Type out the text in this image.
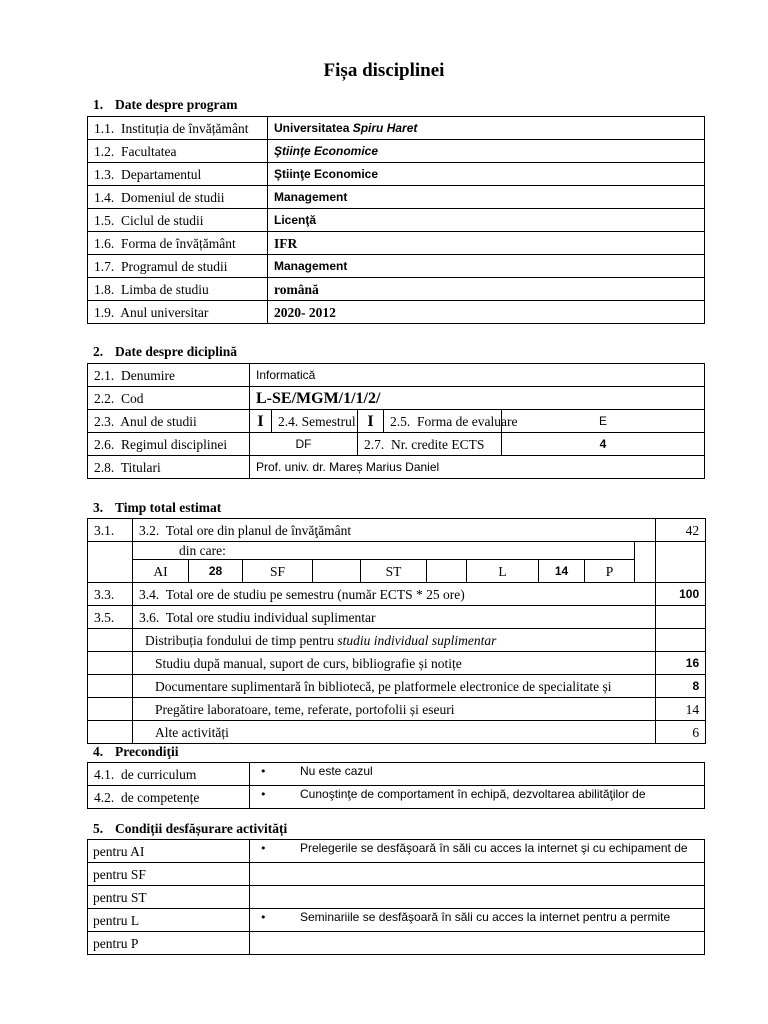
Fișa disciplinei
1. Date despre program
1.1. Instituția de învățământ	Universitatea Spiru Haret
1.2. Facultatea	Ştiinţe Economice
1.3. Departamentul	Ştiinţe Economice
1.4. Domeniul de studii	Management
1.5. Ciclul de studii	Licenţă
1.6. Forma de învățământ	IFR
1.7. Programul de studii	Management
1.8. Limba de studiu	română
1.9. Anul universitar	2020- 2012
2. Date despre diciplină
2.1. Denumire	Informatică				
2.2. Cod	L-SE/MGM/1/1/2/				
2.3. Anul de studii	I	2.4. Semestrul	I	2.5. Forma de evaluare	E
2.6. Regimul disciplinei	DF		2.7. Nr. credite ECTS		4
2.8. Titulari	Prof. univ. dr. Mareș Marius Daniel				
3. Timp total estimat
3.1.	3.2. Total ore din planul de învăţământ										42
	din care:										
	AI	28	SF		ST		L	14	P		
3.3.	3.4. Total ore de studiu pe semestru (număr ECTS * 25 ore)										100
3.5.	3.6. Total ore studiu individual suplimentar										
	Distribuția fondului de timp pentru studiu individual suplimentar										
	Studiu după manual, suport de curs, bibliografie și notițe										16
	Documentare suplimentară în bibliotecă, pe platformele electronice de specialitate și										8
	Pregătire laboratoare, teme, referate, portofolii și eseuri										14
	Alte activități										6
4. Precondiţii
4.1. de curriculum	• Nu este cazul
4.2. de competențe	• Cunoştinţe de comportament în echipă, dezvoltarea abilităţilor de
5. Condiții desfășurare activități
pentru AI	• Prelegerile se desfăşoară în săli cu acces la internet şi cu echipament de
pentru SF	
pentru ST	
pentru L	• Seminariile se desfăşoară în săli cu acces la internet pentru a permite
pentru P	
